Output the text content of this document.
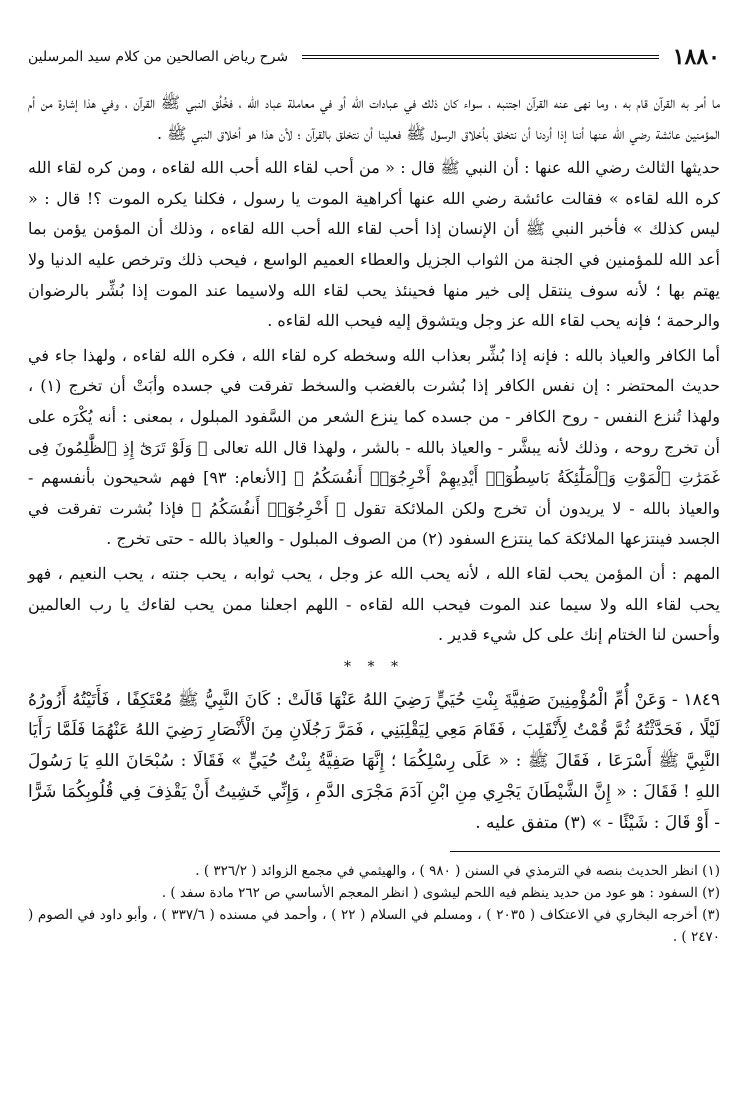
١٨٨٠
شرح رياض الصالحين من كلام سيد المرسلين

ما أمر به القرآن قام به ، وما نهى عنه القرآن اجتنبه ، سواء كان ذلك في عبادات الله أو في معاملة عباد الله ، فخُلُق النبي ﷺ القرآن ، وفي هذا إشارة من أم المؤمنين عائشة رضي الله عنها أننا إذا أردنا أن نتخلق بأخلاق الرسول ﷺ فعلينا أن نتخلق بالقرآن ؛ لأن هذا هو أخلاق النبي ﷺ .

حديثها الثالث رضي الله عنها : أن النبي ﷺ قال : « من أحب لقاء الله أحب الله لقاءه ، ومن كره لقاء الله كره الله لقاءه » فقالت عائشة رضي الله عنها أكراهية الموت يا رسول ، فكلنا يكره الموت ؟! قال : « ليس كذلك » فأخبر النبي ﷺ أن الإنسان إذا أحب لقاء الله أحب الله لقاءه ، وذلك أن المؤمن يؤمن بما أعد الله للمؤمنين في الجنة من الثواب الجزيل والعطاء العميم الواسع ، فيحب ذلك وترخص عليه الدنيا ولا يهتم بها ؛ لأنه سوف ينتقل إلى خير منها فحينئذ يحب لقاء الله ولاسيما عند الموت إذا بُشِّر بالرضوان والرحمة ؛ فإنه يحب لقاء الله عز وجل ويتشوق إليه فيحب الله لقاءه .

أما الكافر والعياذ بالله : فإنه إذا بُشِّر بعذاب الله وسخطه كره لقاء الله ، فكره الله لقاءه ، ولهذا جاء في حديث المحتضر : إن نفس الكافر إذا بُشرت بالغضب والسخط تفرقت في جسده وأبَتْ أن تخرج (١) ، ولهذا تُنزع النفس - روح الكافر - من جسده كما ينزع الشعر من السَّفود المبلول ، بمعنى : أنه يُكْرَه على أن تخرج روحه ، وذلك لأنه يبشَّر - والعياذ بالله - بالشر ، ولهذا قال الله تعالى ﴿ وَلَوْ تَرَىٰٓ إِذِ ٱلظَّٰلِمُونَ فِى غَمَرَٰتِ ٱلْمَوْتِ وَٱلْمَلَٰٓئِكَةُ بَاسِطُوٓا۟ أَيْدِيهِمْ أَخْرِجُوٓا۟ أَنفُسَكُمُ ﴾ [الأنعام: ٩٣] فهم شحيحون بأنفسهم - والعياذ بالله - لا يريدون أن تخرج ولكن الملائكة تقول ﴿ أَخْرِجُوٓا۟ أَنفُسَكُمُ ﴾ فإذا بُشرت تفرقت في الجسد فينتزعها الملائكة كما ينتزع السفود (٢) من الصوف المبلول - والعياذ بالله - حتى تخرج .

المهم : أن المؤمن يحب لقاء الله ، لأنه يحب الله عز وجل ، يحب ثوابه ، يحب جنته ، يحب النعيم ، فهو يحب لقاء الله ولا سيما عند الموت فيحب الله لقاءه - اللهم اجعلنا ممن يحب لقاءك يا رب العالمين وأحسن لنا الختام إنك على كل شيء قدير .

* * *

١٨٤٩ - وَعَنْ أُمِّ الْمُؤْمِنِينَ صَفِيَّةَ بِنْتِ حُيَيٍّ رَضِيَ اللهُ عَنْهَا قَالَتْ : كَانَ النَّبِيُّ ﷺ مُعْتَكِفًا ، فَأَتَيْتُهُ أَزُورُهُ لَيْلًا ، فَحَدَّثْتُهُ ثُمَّ قُمْتُ لِأَنْقَلِبَ ، فَقَامَ مَعِي لِيَقْلِبَنِي ، فَمَرَّ رَجُلَانِ مِنَ الْأَنْصَارِ رَضِيَ اللهُ عَنْهُمَا فَلَمَّا رَأَيَا النَّبِيَّ ﷺ أَسْرَعَا ، فَقَالَ ﷺ : « عَلَى رِسْلِكُمَا ؛ إِنَّهَا صَفِيَّةُ بِنْتُ حُيَيٍّ » فَقَالَا : سُبْحَانَ اللهِ يَا رَسُولَ اللهِ ! فَقَالَ : « إِنَّ الشَّيْطَانَ يَجْرِي مِنِ ابْنِ آدَمَ مَجْرَى الدَّمِ ، وَإِنِّي خَشِيتُ أَنْ يَقْذِفَ فِي قُلُوبِكُمَا شَرًّا - أَوْ قَالَ : شَيْئًا - » (٣) متفق عليه .

(١) انظر الحديث بنصه في الترمذي في السنن ( ٩٨٠ ) ، والهيثمي في مجمع الزوائد ( ٣٢٦/٢ ) .

(٢) السفود : هو عود من حديد ينظم فيه اللحم ليشوى ( انظر المعجم الأساسي ص ٢٦٢ مادة سفد ) .

(٣) أخرجه البخاري في الاعتكاف ( ٢٠٣٥ ) ، ومسلم في السلام ( ٢٢ ) ، وأحمد في مسنده ( ٣٣٧/٦ ) ، وأبو داود في الصوم ( ٢٤٧٠ ) .
